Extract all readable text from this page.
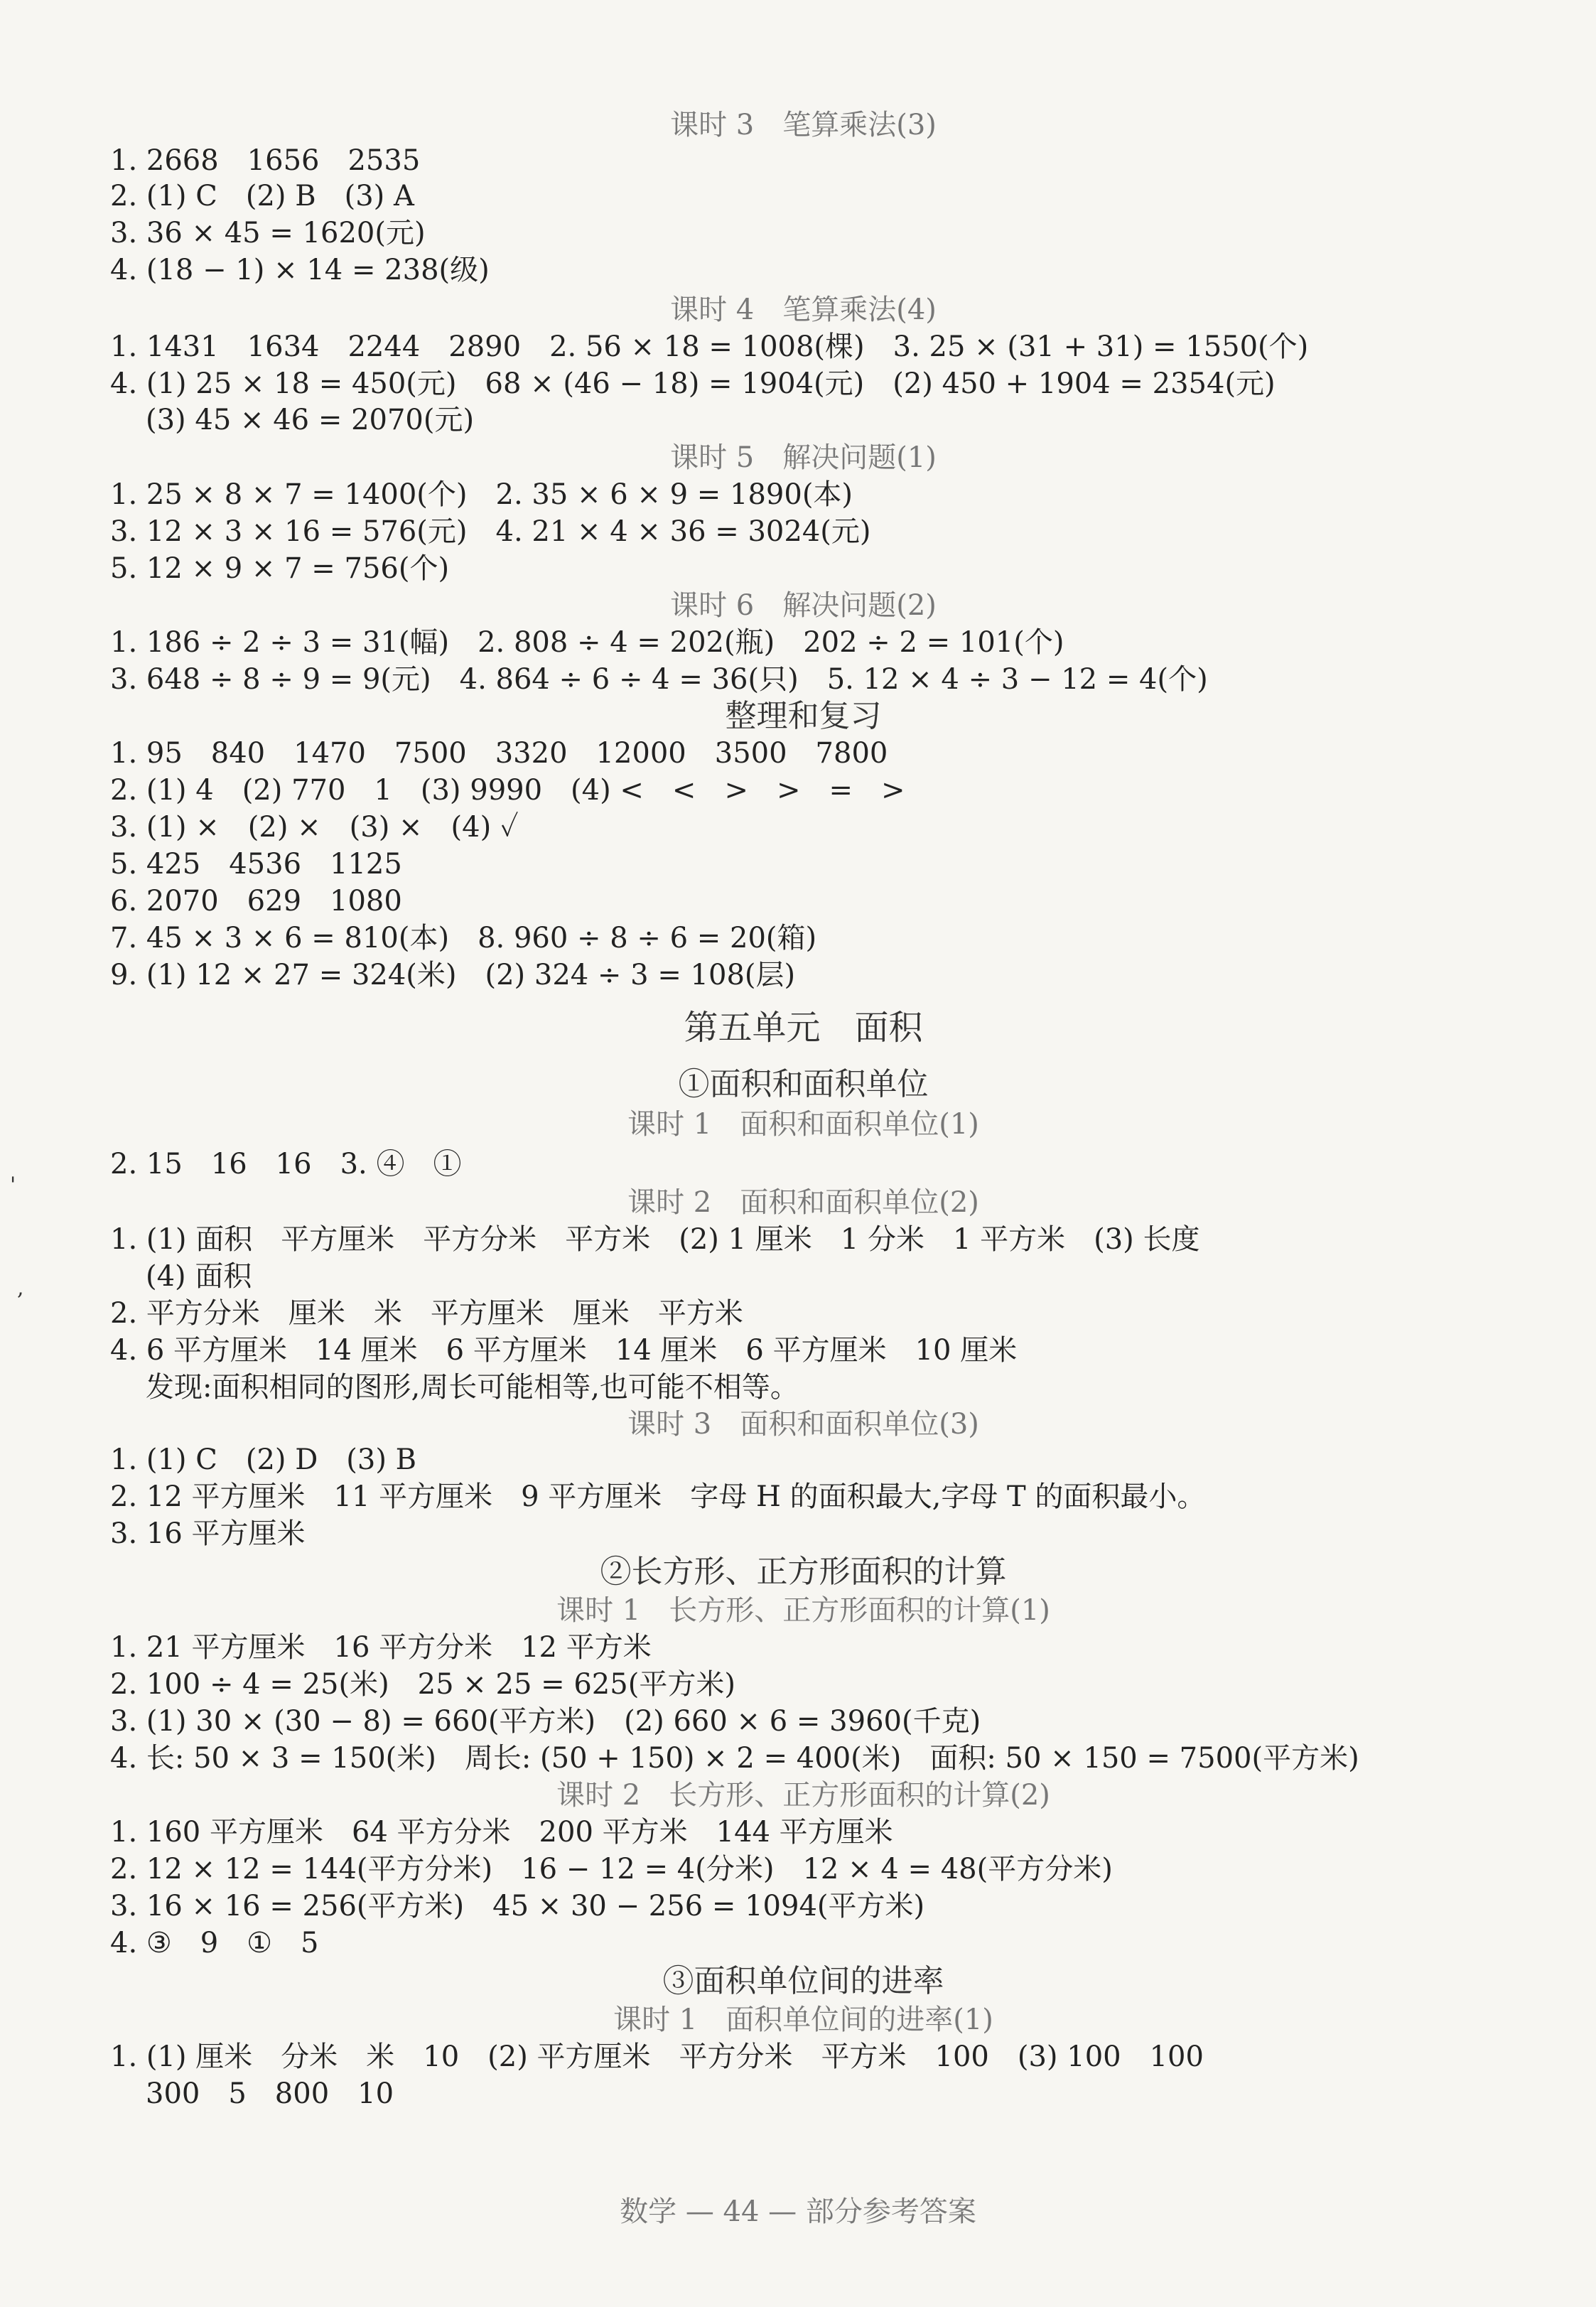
课时 3　笔算乘法(3)
1. 2668　1656　2535
2. (1) C　(2) B　(3) A
3. 36 × 45 = 1620(元)
4. (18 − 1) × 14 = 238(级)
课时 4　笔算乘法(4)
1. 1431　1634　2244　2890　2. 56 × 18 = 1008(棵)　3. 25 × (31 + 31) = 1550(个)
4. (1) 25 × 18 = 450(元)　68 × (46 − 18) = 1904(元)　(2) 450 + 1904 = 2354(元)
(3) 45 × 46 = 2070(元)
课时 5　解决问题(1)
1. 25 × 8 × 7 = 1400(个)　2. 35 × 6 × 9 = 1890(本)
3. 12 × 3 × 16 = 576(元)　4. 21 × 4 × 36 = 3024(元)
5. 12 × 9 × 7 = 756(个)
课时 6　解决问题(2)
1. 186 ÷ 2 ÷ 3 = 31(幅)　2. 808 ÷ 4 = 202(瓶)　202 ÷ 2 = 101(个)
3. 648 ÷ 8 ÷ 9 = 9(元)　4. 864 ÷ 6 ÷ 4 = 36(只)　5. 12 × 4 ÷ 3 − 12 = 4(个)
整理和复习
1. 95　840　1470　7500　3320　12000　3500　7800
2. (1) 4　(2) 770　1　(3) 9990　(4) <　<　>　>　=　>
3. (1) ×　(2) ×　(3) ×　(4) ✓
5. 425　4536　1125
6. 2070　629　1080
7. 45 × 3 × 6 = 810(本)　8. 960 ÷ 8 ÷ 6 = 20(箱)
9. (1) 12 × 27 = 324(米)　(2) 324 ÷ 3 = 108(层)
第五单元　面积
①面积和面积单位
课时 1　面积和面积单位(1)
2. 15　16　16　3. ④　①
课时 2　面积和面积单位(2)
1. (1) 面积　平方厘米　平方分米　平方米　(2) 1 厘米　1 分米　1 平方米　(3) 长度
(4) 面积
2. 平方分米　厘米　米　平方厘米　厘米　平方米
4. 6 平方厘米　14 厘米　6 平方厘米　14 厘米　6 平方厘米　10 厘米
发现:面积相同的图形,周长可能相等,也可能不相等。
课时 3　面积和面积单位(3)
1. (1) C　(2) D　(3) B
2. 12 平方厘米　11 平方厘米　9 平方厘米　字母 H 的面积最大,字母 T 的面积最小。
3. 16 平方厘米
②长方形、正方形面积的计算
课时 1　长方形、正方形面积的计算(1)
1. 21 平方厘米　16 平方分米　12 平方米
2. 100 ÷ 4 = 25(米)　25 × 25 = 625(平方米)
3. (1) 30 × (30 − 8) = 660(平方米)　(2) 660 × 6 = 3960(千克)
4. 长: 50 × 3 = 150(米)　周长: (50 + 150) × 2 = 400(米)　面积: 50 × 150 = 7500(平方米)
课时 2　长方形、正方形面积的计算(2)
1. 160 平方厘米　64 平方分米　200 平方米　144 平方厘米
2. 12 × 12 = 144(平方分米)　16 − 12 = 4(分米)　12 × 4 = 48(平方分米)
3. 16 × 16 = 256(平方米)　45 × 30 − 256 = 1094(平方米)
4. ③　9　①　5
③面积单位间的进率
课时 1　面积单位间的进率(1)
1. (1) 厘米　分米　米　10　(2) 平方厘米　平方分米　平方米　100　(3) 100　100
300　5　800　10
数学 — 44 — 部分参考答案
'
,
